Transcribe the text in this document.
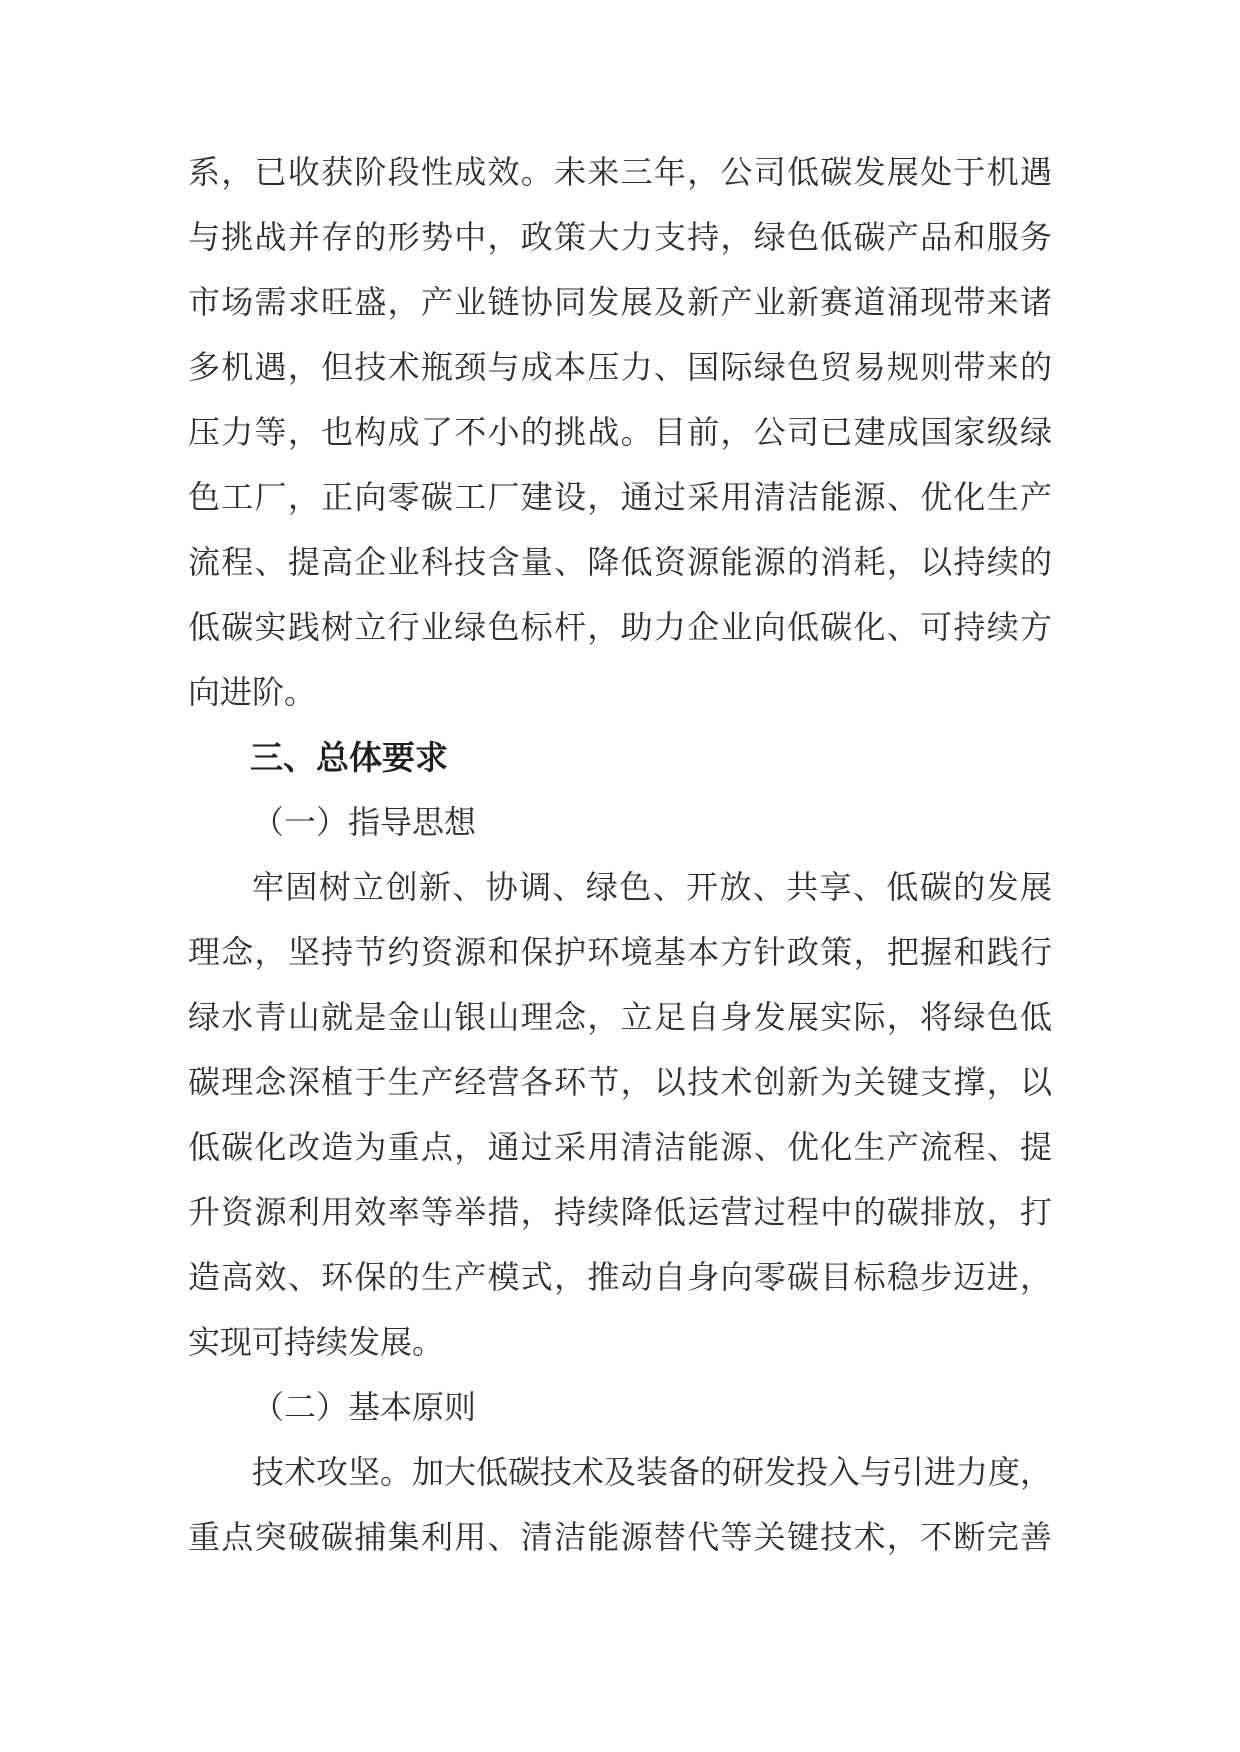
系，已收获阶段性成效。未来三年，公司低碳发展处于机遇
与挑战并存的形势中，政策大力支持，绿色低碳产品和服务
市场需求旺盛，产业链协同发展及新产业新赛道涌现带来诸
多机遇，但技术瓶颈与成本压力、国际绿色贸易规则带来的
压力等，也构成了不小的挑战。目前，公司已建成国家级绿
色工厂，正向零碳工厂建设，通过采用清洁能源、优化生产
流程、提高企业科技含量、降低资源能源的消耗，以持续的
低碳实践树立行业绿色标杆，助力企业向低碳化、可持续方
向进阶。
三、总体要求
（一）指导思想
牢固树立创新、协调、绿色、开放、共享、低碳的发展
理念，坚持节约资源和保护环境基本方针政策，把握和践行
绿水青山就是金山银山理念，立足自身发展实际，将绿色低
碳理念深植于生产经营各环节，以技术创新为关键支撑，以
低碳化改造为重点，通过采用清洁能源、优化生产流程、提
升资源利用效率等举措，持续降低运营过程中的碳排放，打
造高效、环保的生产模式，推动自身向零碳目标稳步迈进，
实现可持续发展。
（二）基本原则
技术攻坚。加大低碳技术及装备的研发投入与引进力度，
重点突破碳捕集利用、清洁能源替代等关键技术，不断完善
